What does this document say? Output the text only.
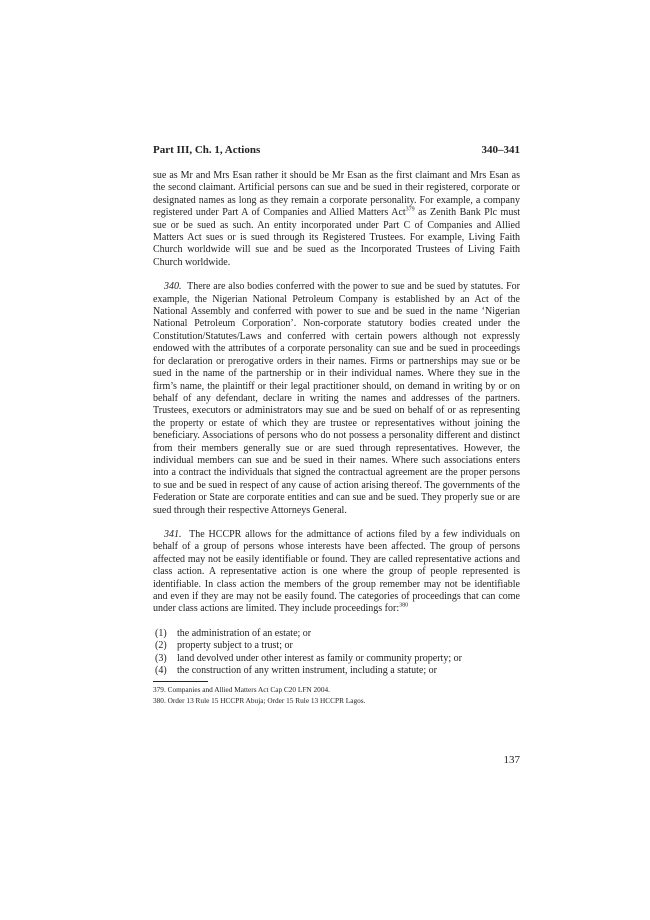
Part III, Ch. 1, Actions	340–341

sue as Mr and Mrs Esan rather it should be Mr Esan as the first claimant and Mrs Esan as the second claimant. Artificial persons can sue and be sued in their registered, corporate or designated names as long as they remain a corporate personality. For example, a company registered under Part A of Companies and Allied Matters Act$^{379}$ as Zenith Bank Plc must sue or be sued as such. An entity incorporated under Part C of Companies and Allied Matters Act sues or is sued through its Registered Trustees. For example, Living Faith Church worldwide will sue and be sued as the Incorporated Trustees of Living Faith Church worldwide.

340. There are also bodies conferred with the power to sue and be sued by statutes. For example, the Nigerian National Petroleum Company is established by an Act of the National Assembly and conferred with power to sue and be sued in the name ‘Nigerian National Petroleum Corporation’. Non-corporate statutory bodies created under the Constitution/Statutes/Laws and conferred with certain powers although not expressly endowed with the attributes of a corporate personality can sue and be sued in proceedings for declaration or prerogative orders in their names. Firms or partnerships may sue or be sued in the name of the partnership or in their individual names. Where they sue in the firm’s name, the plaintiff or their legal practitioner should, on demand in writing by or on behalf of any defendant, declare in writing the names and addresses of the partners. Trustees, executors or administrators may sue and be sued on behalf of or as representing the property or estate of which they are trustee or representatives without joining the beneficiary. Associations of persons who do not possess a personality different and distinct from their members generally sue or are sued through representatives. However, the individual members can sue and be sued in their names. Where such associations enters into a contract the individuals that signed the contractual agreement are the proper persons to sue and be sued in respect of any cause of action arising thereof. The governments of the Federation or State are corporate entities and can sue and be sued. They properly sue or are sued through their respective Attorneys General.

341. The HCCPR allows for the admittance of actions filed by a few individuals on behalf of a group of persons whose interests have been affected. The group of persons affected may not be easily identifiable or found. They are called representative actions and class action. A representative action is one where the group of people represented is identifiable. In class action the members of the group remember may not be identifiable and even if they are may not be easily found. The categories of proceedings that can come under class actions are limited. They include proceedings for:$^{380}$

(1)	the administration of an estate; or
(2)	property subject to a trust; or
(3)	land devolved under other interest as family or community property; or
(4)	the construction of any written instrument, including a statute; or

379. Companies and Allied Matters Act Cap C20 LFN 2004.

380. Order 13 Rule 15 HCCPR Abuja; Order 15 Rule 13 HCCPR Lagos.

137
